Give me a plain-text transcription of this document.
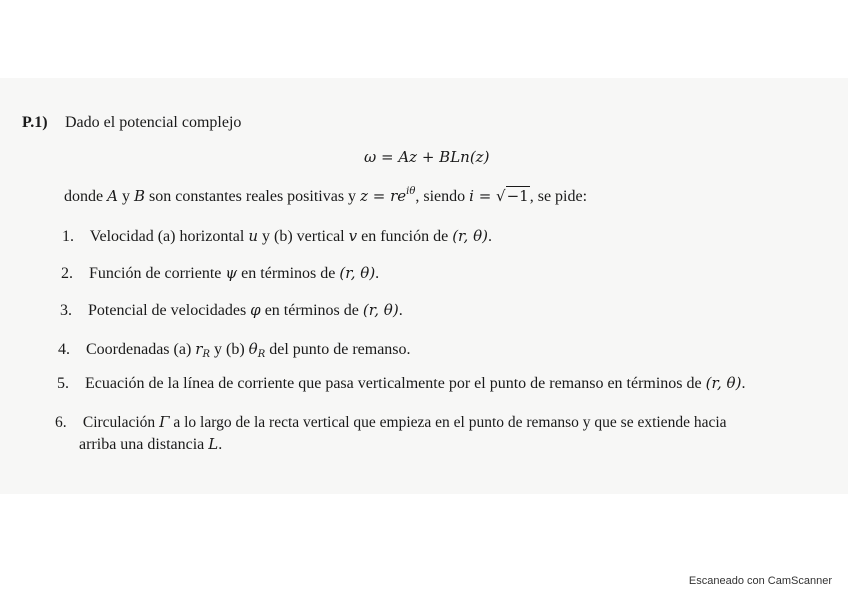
P.1) Dado el potencial complejo
ω = Az + BLn(z)
donde A y B son constantes reales positivas y $z = re^{i\theta}$, siendo i = √−1, se pide:
1. Velocidad (a) horizontal u y (b) vertical v en función de (r, θ).
2. Función de corriente ψ en términos de (r, θ).
3. Potencial de velocidades φ en términos de (r, θ).
4. Coordenadas (a) $r_R$ y (b) $\theta_R$ del punto de remanso.
5. Ecuación de la línea de corriente que pasa verticalmente por el punto de remanso en términos de (r, θ).
6. Circulación Γ a lo largo de la recta vertical que empieza en el punto de remanso y que se extiende hacia
arriba una distancia L.
Escaneado con CamScanner
